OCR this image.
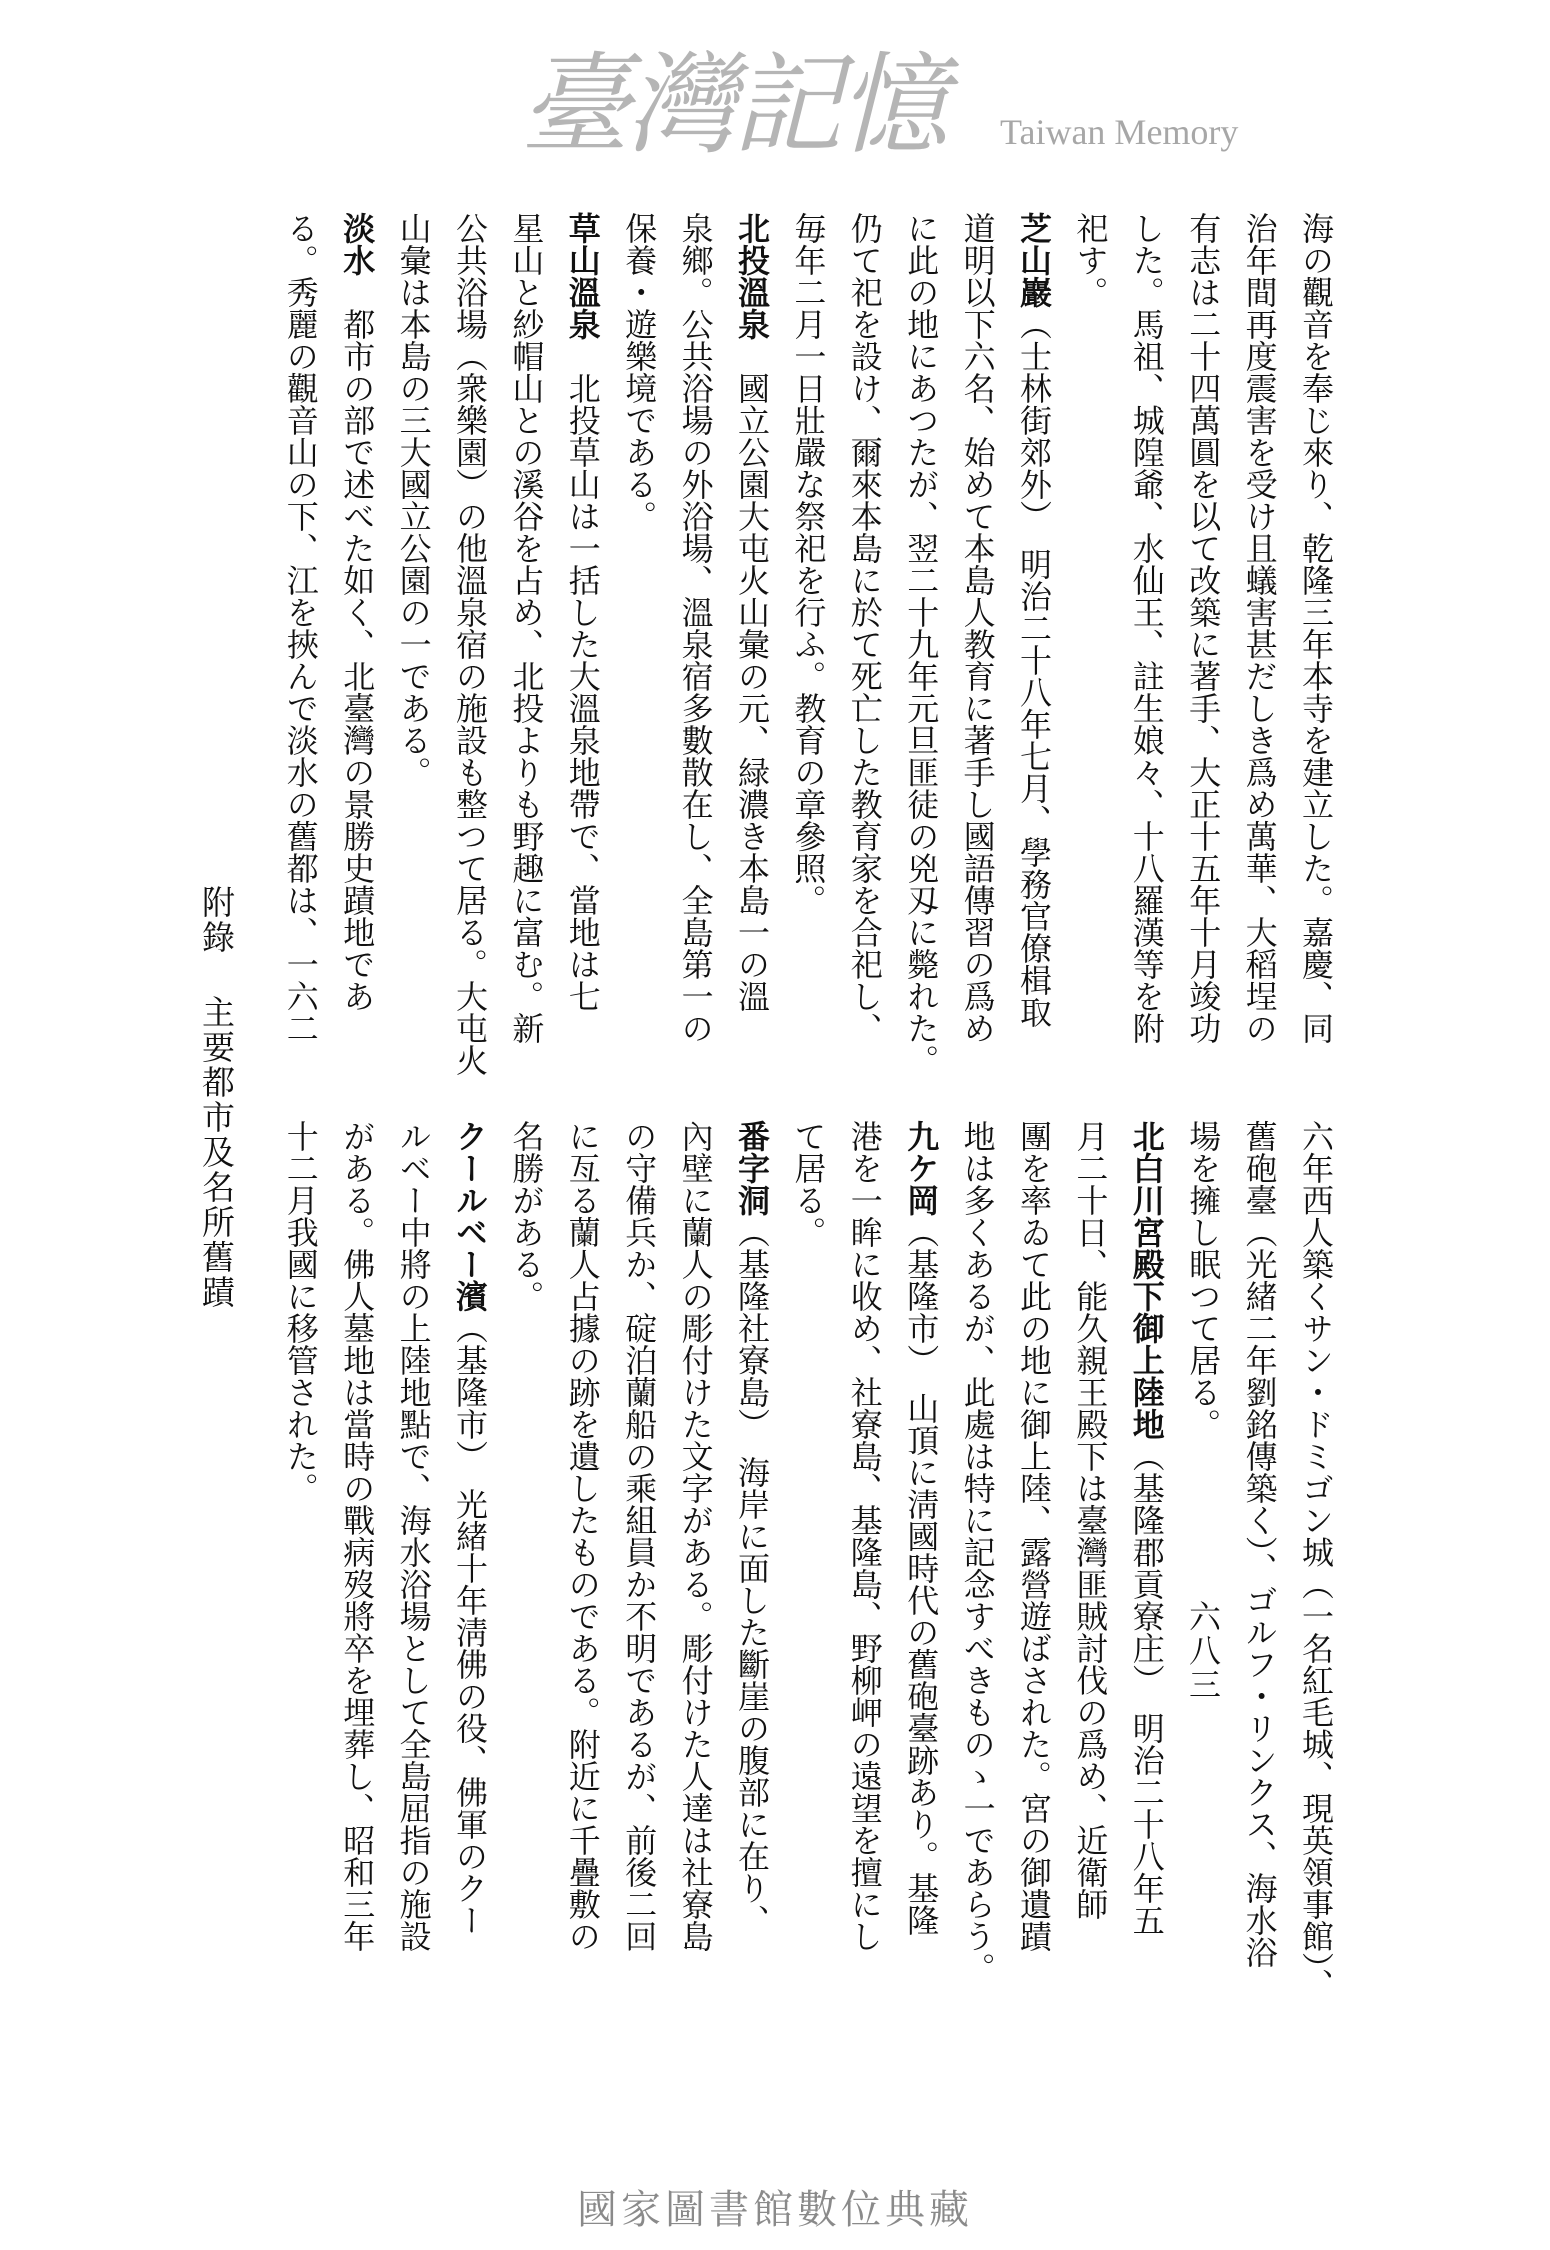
海の觀音を奉じ來り、乾隆三年本寺を建立した。嘉慶、同
治年間再度震害を受け且蟻害甚だしき爲め萬華、大稻埕の
有志は二十四萬圓を以て改築に著手、大正十五年十月竣功
した。馬祖、城隍爺、水仙王、註生娘々、十八羅漢等を附
祀す。
芝山巖（士林街郊外）　明治二十八年七月、學務官僚楫取
道明以下六名、始めて本島人教育に著手し國語傳習の爲め
に此の地にあつたが、翌二十九年元旦匪徒の兇刄に斃れた。
仍て祀を設け、爾來本島に於て死亡した教育家を合祀し、
毎年二月一日壯嚴な祭祀を行ふ。教育の章參照。
北投溫泉　國立公園大屯火山彙の元、緑濃き本島一の溫
泉鄉。公共浴場の外浴場、溫泉宿多數散在し、全島第一の
保養・遊樂境である。
草山溫泉　北投草山は一括した大溫泉地帶で、當地は七
星山と紗帽山との溪谷を占め、北投よりも野趣に富む。新
公共浴場（衆樂園）の他溫泉宿の施設も整つて居る。大屯火
山彙は本島の三大國立公園の一である。
淡水　都市の部で述べた如く、北臺灣の景勝史蹟地であ
る。秀麗の觀音山の下、江を挾んで淡水の舊都は、一六二
六年西人築くサン・ドミゴン城（一名紅毛城、現英領事館）、
舊砲臺（光緒二年劉銘傳築く）、ゴルフ・リンクス、海水浴
場を擁し眠つて居る。
北白川宮殿下御上陸地（基隆郡貢寮庄）　明治二十八年五
月二十日、能久親王殿下は臺灣匪賊討伐の爲め、近衛師
團を率ゐて此の地に御上陸、露營遊ばされた。宮の御遺蹟
地は多くあるが、此處は特に記念すべきものゝ一であらう。
九ケ岡（基隆市）　山頂に淸國時代の舊砲臺跡あり。基隆
港を一眸に收め、社寮島、基隆島、野柳岬の遠望を擅にし
て居る。
番字洞（基隆社寮島）　海岸に面した斷崖の腹部に在り、
內壁に蘭人の彫付けた文字がある。彫付けた人達は社寮島
の守備兵か、碇泊蘭船の乘組員か不明であるが、前後二回
に亙る蘭人占據の跡を遺したものである。附近に千疊敷の
名勝がある。
クールベー濱（基隆市）　光緒十年淸佛の役、佛軍のクー
ルベー中將の上陸地點で、海水浴場として全島屈指の施設
がある。佛人墓地は當時の戰病歿將卒を埋葬し、昭和三年
十二月我國に移管された。
附錄主要都市及名所舊蹟
六八三
臺灣記憶 Taiwan Memory
國家圖書館數位典藏
